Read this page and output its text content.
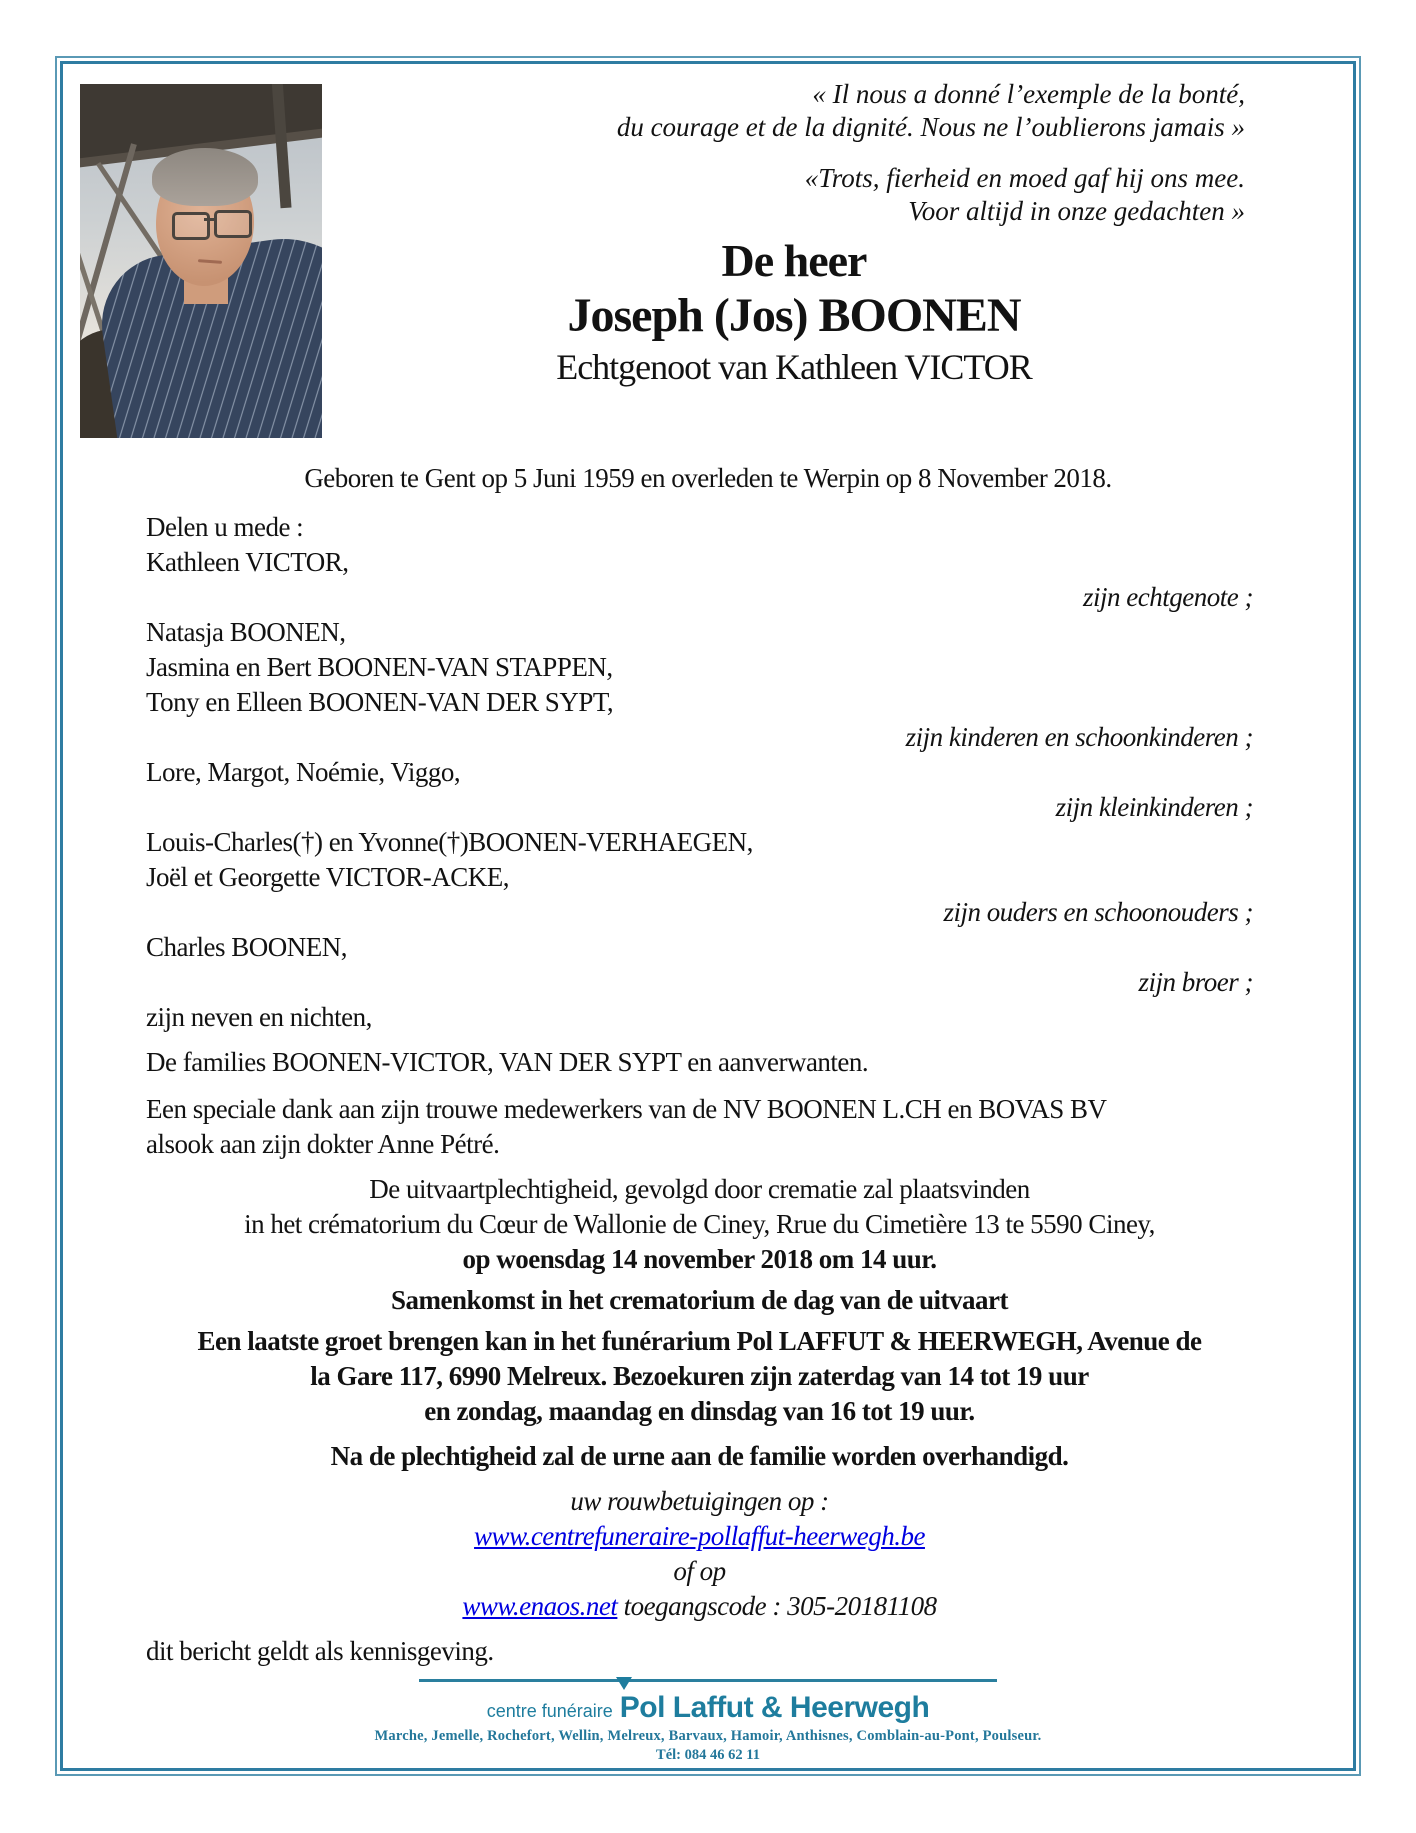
« Il nous a donné l’exemple de la bonté,
du courage et de la dignité. Nous ne l’oublierons jamais »
«Trots, fierheid en moed gaf hij ons mee.
Voor altijd in onze gedachten »
De heer
Joseph (Jos) BOONEN
Echtgenoot van Kathleen VICTOR
Geboren te Gent op 5 Juni 1959 en overleden te Werpin op 8 November 2018.
Delen u mede :
Kathleen VICTOR,
zijn echtgenote ;
Natasja BOONEN,
Jasmina en Bert BOONEN-VAN STAPPEN,
Tony en Elleen BOONEN-VAN DER SYPT,
zijn kinderen en schoonkinderen ;
Lore, Margot, Noémie, Viggo,
zijn kleinkinderen ;
Louis-Charles(†) en Yvonne(†)BOONEN-VERHAEGEN,
Joël et Georgette VICTOR-ACKE,
zijn ouders en schoonouders ;
Charles BOONEN,
zijn broer ;
zijn neven en nichten,
De families BOONEN-VICTOR, VAN DER SYPT en aanverwanten.
Een speciale dank aan zijn trouwe medewerkers van de NV BOONEN L.CH en BOVAS BV
alsook aan zijn dokter Anne Pétré.
De uitvaartplechtigheid, gevolgd door crematie zal plaatsvinden
in het crématorium du Cœur de Wallonie de Ciney, Rrue du Cimetière 13 te 5590 Ciney,
op woensdag 14 november 2018 om 14 uur.
Samenkomst in het crematorium de dag van de uitvaart
Een laatste groet brengen kan in het funérarium Pol LAFFUT & HEERWEGH, Avenue de
la Gare 117, 6990 Melreux. Bezoekuren zijn zaterdag van 14 tot 19 uur
en zondag, maandag en dinsdag van 16 tot 19 uur.
Na de plechtigheid zal de urne aan de familie worden overhandigd.
uw rouwbetuigingen op :
www.centrefuneraire-pollaffut-heerwegh.be
of op
www.enaos.net toegangscode : 305-20181108
dit bericht geldt als kennisgeving.
centre funéraire Pol Laffut & Heerwegh
Marche, Jemelle, Rochefort, Wellin, Melreux, Barvaux, Hamoir, Anthisnes, Comblain-au-Pont, Poulseur.
Tél: 084 46 62 11
